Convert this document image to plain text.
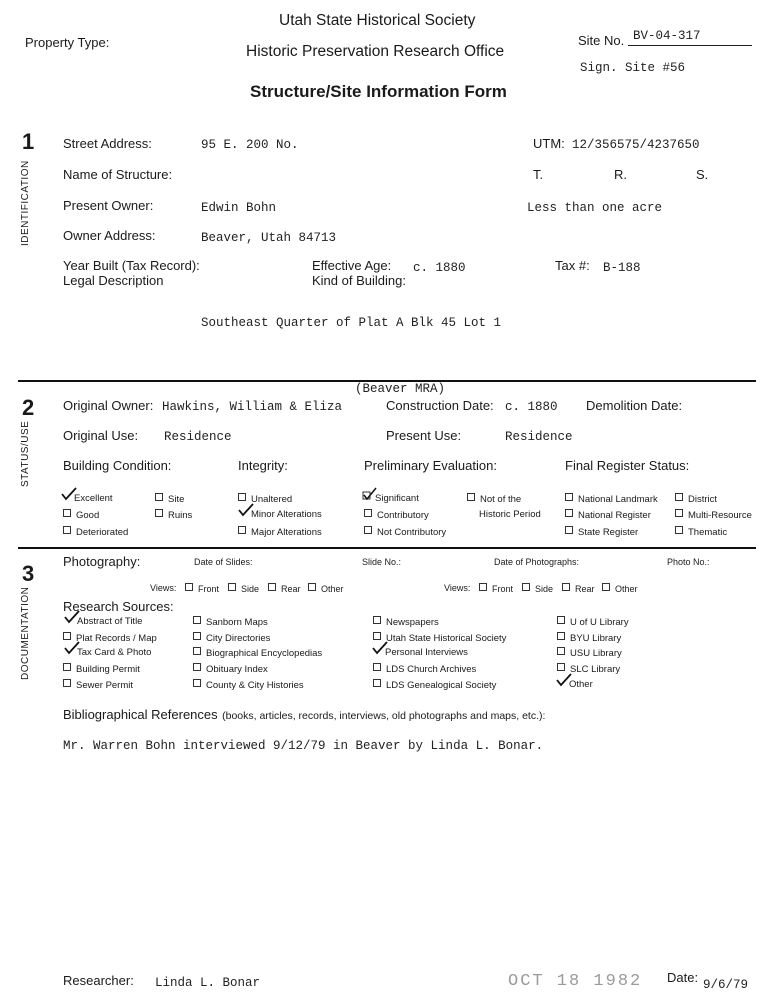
Utah State Historical Society
Property Type:
Historic Preservation Research Office
Site No. BV-04-317
Sign. Site #56
Structure/Site Information Form
1
IDENTIFICATION
Street Address:	95 E. 200 No.	UTM: 12/356575/4237650
Name of Structure:	T.	R.	S.
Present Owner:	Edwin Bohn	Less than one acre
Owner Address:	Beaver, Utah 84713
Year Built (Tax Record):	Effective Age: c. 1880	Tax #: B-188
Legal Description	Kind of Building:
Southeast Quarter of Plat A Blk 45 Lot 1
(Beaver MRA)
2
STATUS/USE
Original Owner: Hawkins, William & Eliza	Construction Date: c. 1880 Demolition Date:
Original Use: Residence	Present Use:	Residence
Building Condition:	Integrity:	Preliminary Evaluation:	Final Register Status:
Excellent	Site
Good	Ruins
Deteriorated
Unaltered
Minor Alterations
Major Alterations
Significant
Contributory
Not Contributory
Not of the
Historic Period
National Landmark
National Register
State Register
District
Multi-Resource
Thematic
3
DOCUMENTATION
Photography:	Date of Slides:	Slide No.:	Date of Photographs:	Photo No.:
Views:	Front	Side	Rear	Other	Views:	Front	Side	Rear	Other
Research Sources:
Abstract of Title
Plat Records / Map
Tax Card & Photo
Building Permit
Sewer Permit
Sanborn Maps
City Directories
Biographical Encyclopedias
Obituary Index
County & City Histories
Newspapers
Utah State Historical Society
Personal Interviews
LDS Church Archives
LDS Genealogical Society
U of U Library
BYU Library
USU Library
SLC Library
Other
Bibliographical References (books, articles, records, interviews, old photographs and maps, etc.):
Mr. Warren Bohn interviewed 9/12/79 in Beaver by Linda L. Bonar.
Researcher: Linda L. Bonar	OCT 18 1982 Date: 9/6/79
